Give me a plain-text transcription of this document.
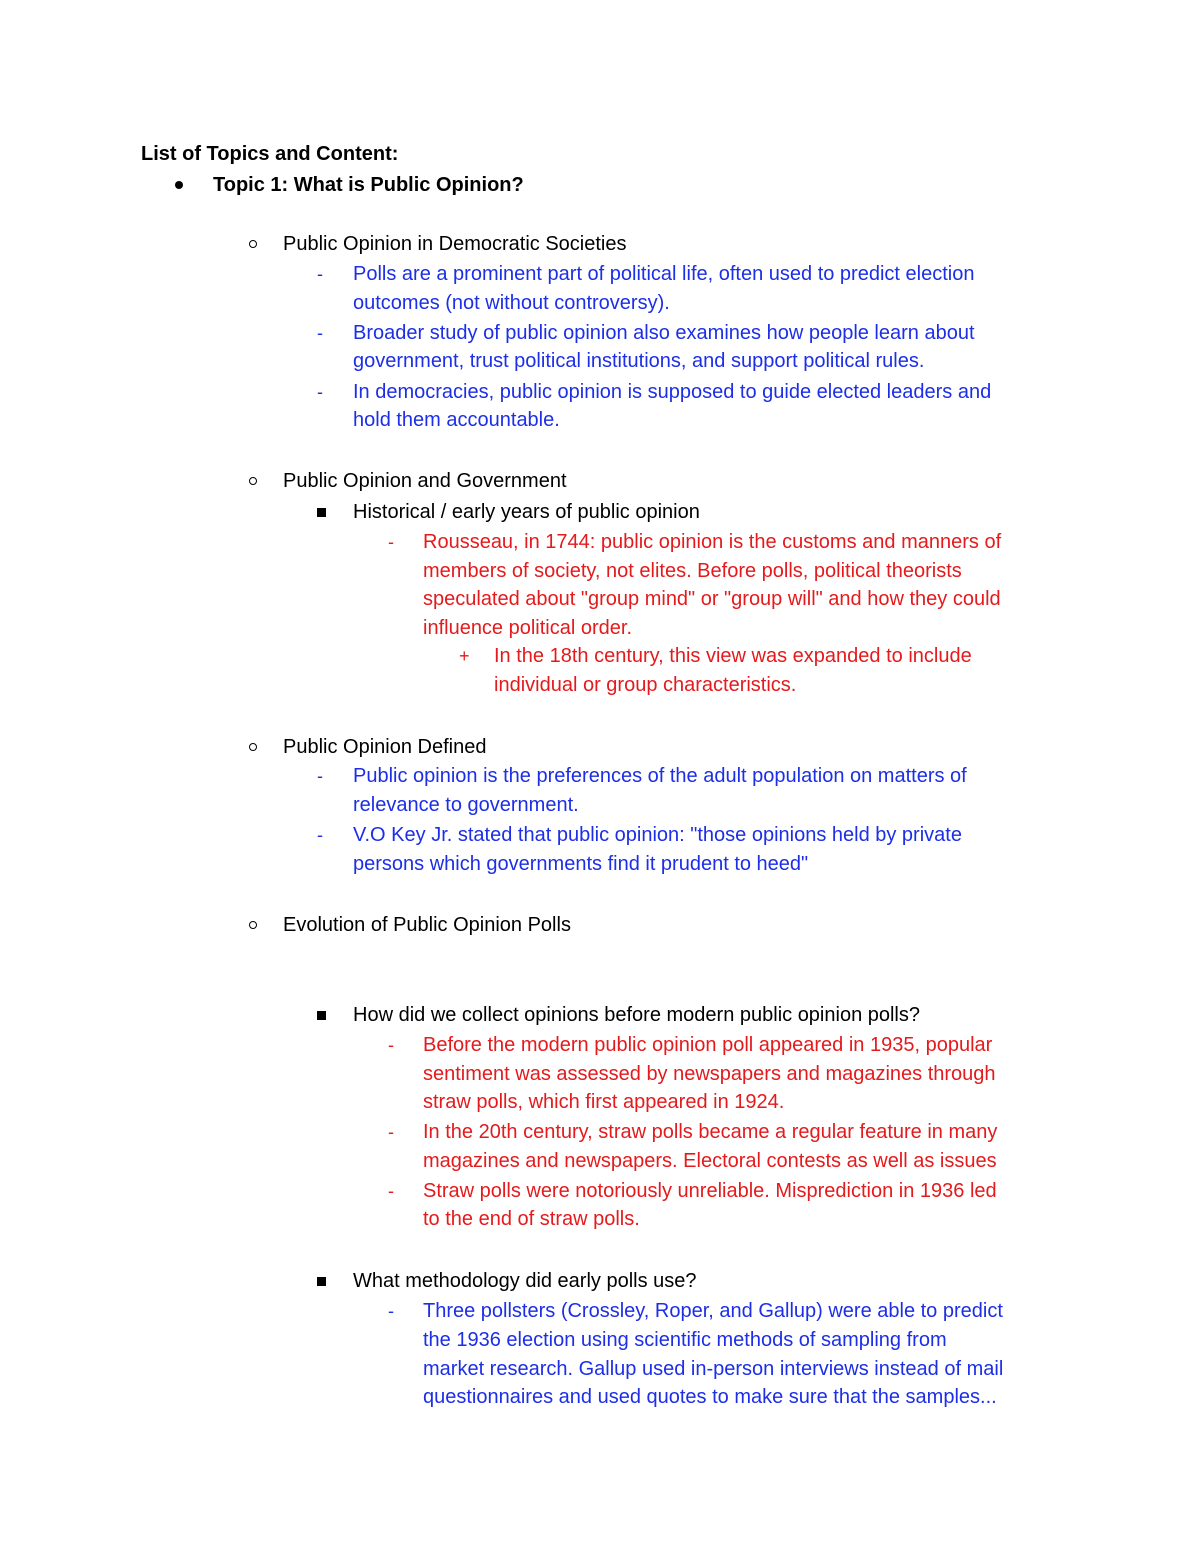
List of Topics and Content:
Topic 1: What is Public Opinion?
Public Opinion in Democratic Societies
- Polls are a prominent part of political life, often used to predict election
outcomes (not without controversy).
- Broader study of public opinion also examines how people learn about
government, trust political institutions, and support political rules.
- In democracies, public opinion is supposed to guide elected leaders and
hold them accountable.
Public Opinion and Government
Historical / early years of public opinion
- Rousseau, in 1744: public opinion is the customs and manners of
members of society, not elites. Before polls, political theorists
speculated about "group mind" or "group will" and how they could
influence political order.
+ In the 18th century, this view was expanded to include
individual or group characteristics.
Public Opinion Defined
- Public opinion is the preferences of the adult population on matters of
relevance to government.
- V.O Key Jr. stated that public opinion: "those opinions held by private
persons which governments find it prudent to heed"
Evolution of Public Opinion Polls
How did we collect opinions before modern public opinion polls?
- Before the modern public opinion poll appeared in 1935, popular
sentiment was assessed by newspapers and magazines through
straw polls, which first appeared in 1924.
- In the 20th century, straw polls became a regular feature in many
magazines and newspapers. Electoral contests as well as issues
- Straw polls were notoriously unreliable. Misprediction in 1936 led
to the end of straw polls.
What methodology did early polls use?
- Three pollsters (Crossley, Roper, and Gallup) were able to predict
the 1936 election using scientific methods of sampling from
market research. Gallup used in-person interviews instead of mail
questionnaires and used quotes to make sure that the samples...
